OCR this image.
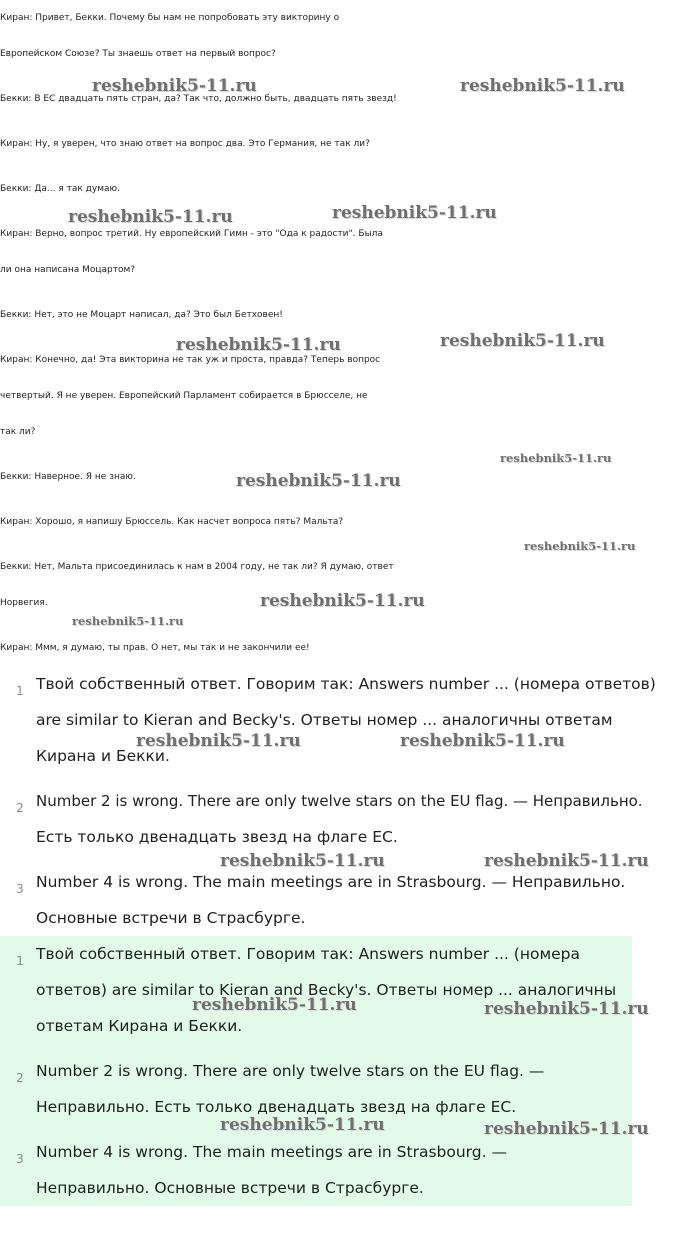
Киран: Привет, Бекки. Почему бы нам не попробовать эту викторину о
Европейском Союзе? Ты знаешь ответ на первый вопрос?
Бекки: В ЕС двадцать пять стран, да? Так что, должно быть, двадцать пять звезд!
Киран: Ну, я уверен, что знаю ответ на вопрос два. Это Германия, не так ли?
Бекки: Да... я так думаю.
Киран: Верно, вопрос третий. Ну европейский Гимн - это "Ода к радости". Была
ли она написана Моцартом?
Бекки: Нет, это не Моцарт написал, да? Это был Бетховен!
Киран: Конечно, да! Эта викторина не так уж и проста, правда? Теперь вопрос
четвертый. Я не уверен. Европейский Парламент собирается в Брюсселе, не
так ли?
Бекки: Наверное. Я не знаю.
Киран: Хорошо, я напишу Брюссель. Как насчет вопроса пять? Мальта?
Бекки: Нет, Мальта присоединилась к нам в 2004 году, не так ли? Я думаю, ответ
Норвегия.
Киран: Ммм, я думаю, ты прав. О нет, мы так и не закончили ее!
1 Твой собственный ответ. Говорим так: Answers number ... (номера ответов)
are similar to Kieran and Becky's. Ответы номер ... аналогичны ответам
Кирана и Бекки.
2 Number 2 is wrong. There are only twelve stars on the EU flag. — Неправильно.
Есть только двенадцать звезд на флаге ЕС.
3 Number 4 is wrong. The main meetings are in Strasbourg. — Неправильно.
Основные встречи в Страсбурге.
1 Твой собственный ответ. Говорим так: Answers number ... (номера
ответов) are similar to Kieran and Becky's. Ответы номер ... аналогичны
ответам Кирана и Бекки.
2 Number 2 is wrong. There are only twelve stars on the EU flag. —
Неправильно. Есть только двенадцать звезд на флаге ЕС.
3 Number 4 is wrong. The main meetings are in Strasbourg. —
Неправильно. Основные встречи в Страсбурге.
reshebnik5-11.ru	reshebnik5-11.ru
reshebnik5-11.ru	reshebnik5-11.ru
reshebnik5-11.ru	reshebnik5-11.ru
reshebnik5-11.ru
reshebnik5-11.ru
reshebnik5-11.ru
reshebnik5-11.ru
reshebnik5-11.ru
reshebnik5-11.ru	reshebnik5-11.ru
reshebnik5-11.ru	reshebnik5-11.ru
reshebnik5-11.ru	reshebnik5-11.ru
reshebnik5-11.ru	reshebnik5-11.ru
